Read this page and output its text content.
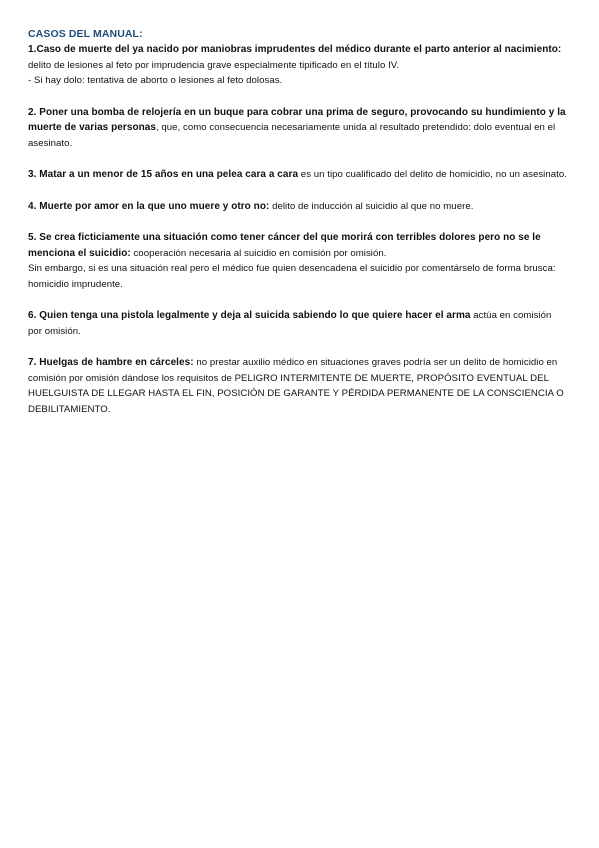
CASOS DEL MANUAL:

1.Caso de muerte del ya nacido por maniobras imprudentes del médico durante el parto anterior al nacimiento: delito de lesiones al feto por imprudencia grave especialmente tipificado en el título IV.
- Si hay dolo: tentativa de aborto o lesiones al feto dolosas.

2. Poner una bomba de relojería en un buque para cobrar una prima de seguro, provocando su hundimiento y la muerte de varias personas, que, como consecuencia necesariamente unida al resultado pretendido: dolo eventual en el asesinato.

3. Matar a un menor de 15 años en una pelea cara a cara es un tipo cualificado del delito de homicidio, no un asesinato.

4. Muerte por amor en la que uno muere y otro no: delito de inducción al suicidio al que no muere.

5. Se crea ficticiamente una situación como tener cáncer del que morirá con terribles dolores pero no se le menciona el suicidio: cooperación necesaria al suicidio en comisión por omisión.
Sin embargo, si es una situación real pero el médico fue quien desencadena el suicidio por comentárselo de forma brusca: homicidio imprudente.

6. Quien tenga una pistola legalmente y deja al suicida sabiendo lo que quiere hacer el arma actúa en comisión por omisión.

7. Huelgas de hambre en cárceles: no prestar auxilio médico en situaciones graves podría ser un delito de homicidio en comisión por omisión dándose los requisitos de PELIGRO INTERMITENTE DE MUERTE, PROPÓSITO EVENTUAL DEL HUELGUISTA DE LLEGAR HASTA EL FIN, POSICIÓN DE GARANTE Y PÉRDIDA PERMANENTE DE LA CONSCIENCIA O DEBILITAMIENTO.
